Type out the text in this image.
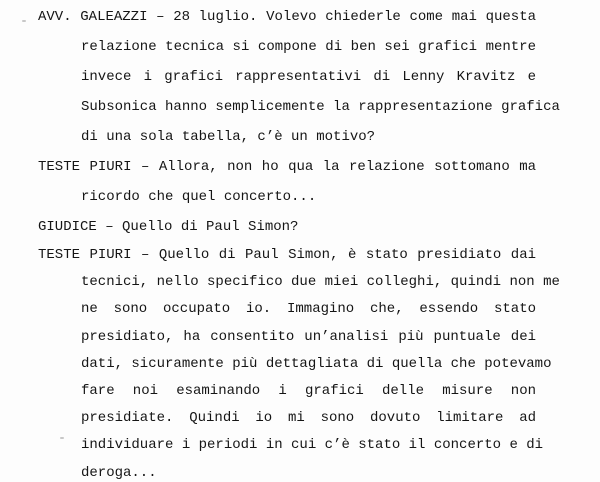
AVV. GALEAZZI – 28 luglio. Volevo chiederle come mai questa

relazione tecnica si compone di ben sei grafici mentre

invece i grafici rappresentativi di Lenny Kravitz e

Subsonica hanno semplicemente la rappresentazione grafica

di una sola tabella, c’è un motivo?

TESTE PIURI – Allora, non ho qua la relazione sottomano ma

ricordo che quel concerto...

GIUDICE – Quello di Paul Simon?

TESTE PIURI – Quello di Paul Simon, è stato presidiato dai

tecnici, nello specifico due miei colleghi, quindi non me

ne sono occupato io. Immagino che, essendo stato

presidiato, ha consentito un’analisi più puntuale dei

dati, sicuramente più dettagliata di quella che potevamo

fare noi esaminando i grafici delle misure non

presidiate. Quindi io mi sono dovuto limitare ad

individuare i periodi in cui c’è stato il concerto e di

deroga...
